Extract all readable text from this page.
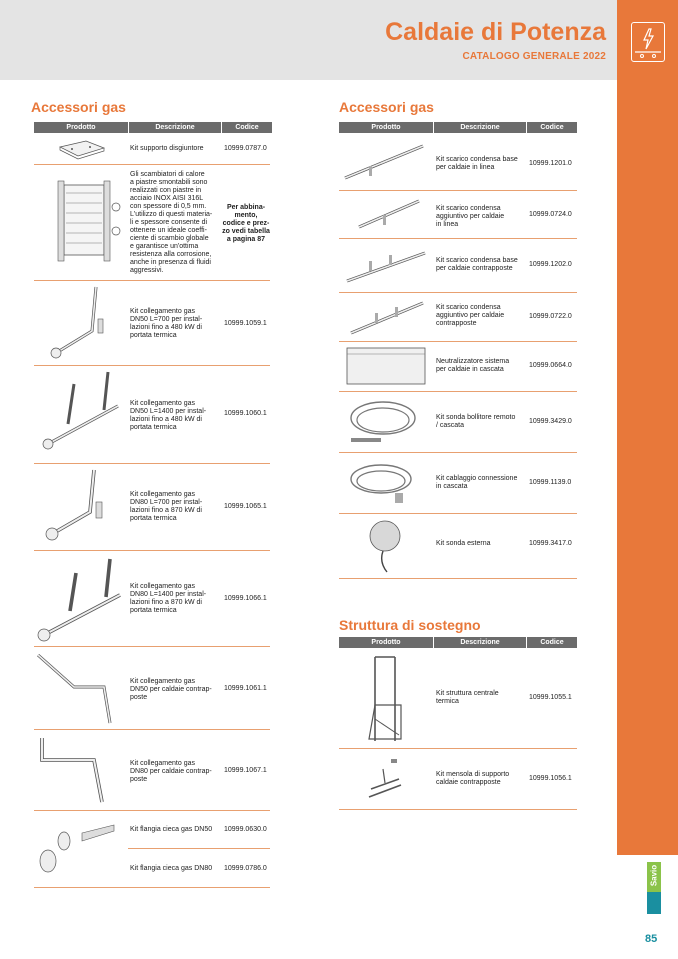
Caldaie di Potenza
CATALOGO GENERALE 2022
Accessori gas
Prodotto	Descrizione	Codice
Kit supporto disgiuntore	10999.0787.0
Gli scambiatori di calore
a piastre smontabili sono
realizzati con piastre in
acciaio INOX AISI 316L
con spessore di 0,5 mm.
L'utilizzo di questi materia-
li e spessore consente di
ottenere un ideale coeffi-
ciente di scambio globale
e garantisce un'ottima
resistenza alla corrosione,
anche in presenza di fluidi
aggressivi.
Per abbina-
mento,
codice e prez-
zo vedi tabella
a pagina 87
Kit collegamento gas
DN50 L=700 per instal-
lazioni fino a 480 kW di
portata termica
10999.1059.1
Kit collegamento gas
DN50 L=1400 per instal-
lazioni fino a 480 kW di
portata termica
10999.1060.1
Kit collegamento gas
DN80 L=700 per instal-
lazioni fino a 870 kW di
portata termica
10999.1065.1
Kit collegamento gas
DN80 L=1400 per instal-
lazioni fino a 870 kW di
portata termica
10999.1066.1
Kit collegamento gas
DN50 per caldaie contrap-
poste
10999.1061.1
Kit collegamento gas
DN80 per caldaie contrap-
poste
10999.1067.1
Kit flangia cieca gas DN50 10999.0630.0
Kit flangia cieca gas DN80 10999.0786.0
Accessori gas
Prodotto	Descrizione	Codice
Kit scarico condensa base
per caldaie in linea
10999.1201.0
Kit scarico condensa
aggiuntivo per caldaie
in linea
10999.0724.0
Kit scarico condensa base
per caldaie contrapposte
10999.1202.0
Kit scarico condensa
aggiuntivo per caldaie
contrapposte
10999.0722.0
Neutralizzatore sistema
per caldaie in cascata
10999.0664.0
Kit sonda bollitore remoto
/ cascata
10999.3429.0
Kit cablaggio connessione
in cascata
10999.1139.0
Kit sonda esterna	10999.3417.0
Struttura di sostegno
Prodotto	Descrizione	Codice
Kit struttura centrale
termica
10999.1055.1
Kit mensola di supporto
caldaie contrapposte
10999.1056.1
Savio
85
